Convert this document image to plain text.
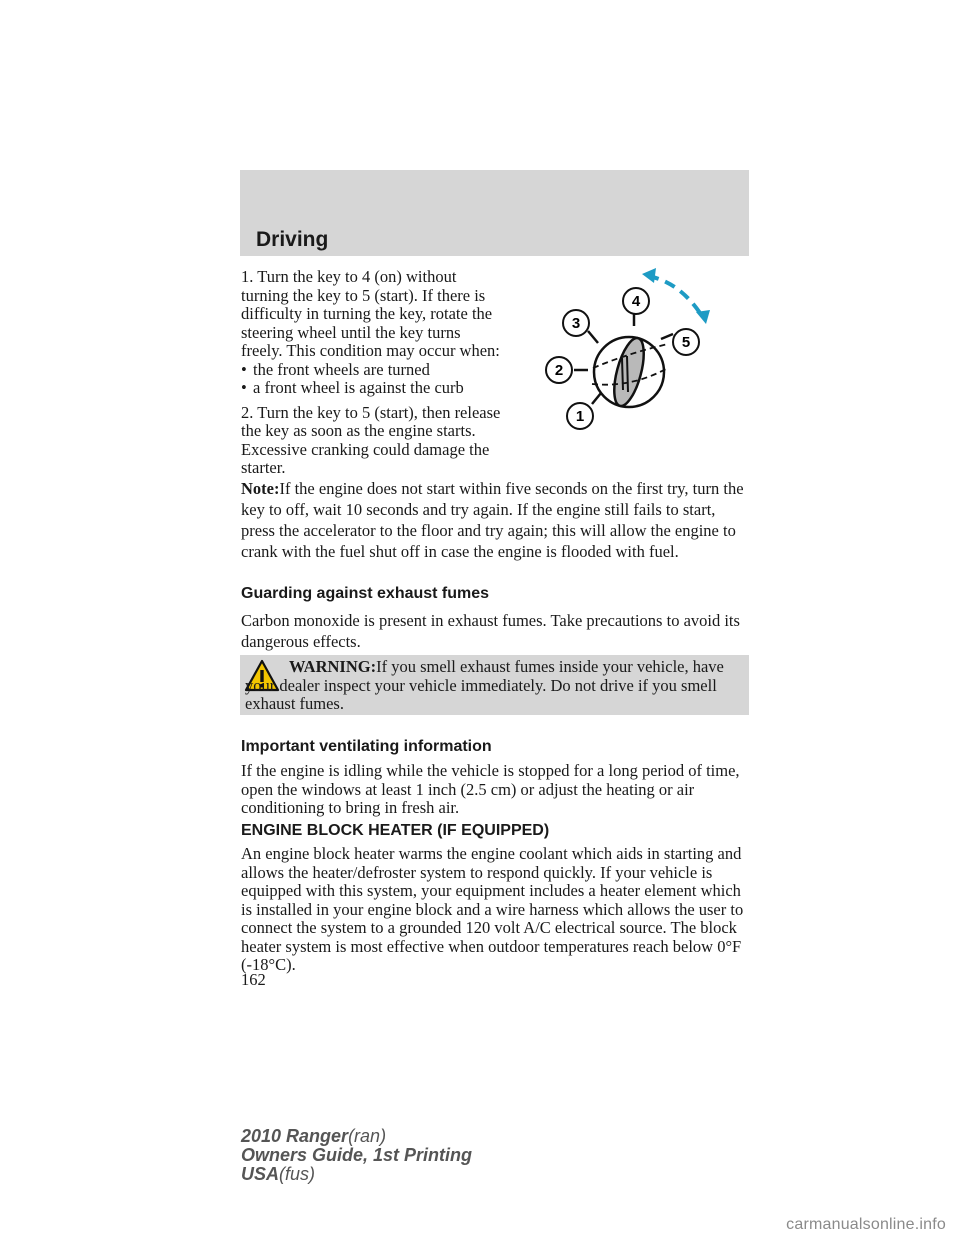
Driving

1. Turn the key to 4 (on) without turning the key to 5 (start). If there is difficulty in turning the key, rotate the steering wheel until the key turns freely. This condition may occur when:

• the front wheels are turned
• a front wheel is against the curb

2. Turn the key to 5 (start), then release the key as soon as the engine starts. Excessive cranking could damage the starter.

1
2
3
4
5
Note:If the engine does not start within five seconds on the first try, turn the key to off, wait 10 seconds and try again. If the engine still fails to start, press the accelerator to the floor and try again; this will allow the engine to crank with the fuel shut off in case the engine is flooded with fuel.
Guarding against exhaust fumes
Carbon monoxide is present in exhaust fumes. Take precautions to avoid its dangerous effects.
WARNING:If you smell exhaust fumes inside your vehicle, have your dealer inspect your vehicle immediately. Do not drive if you smell exhaust fumes.
Important ventilating information
If the engine is idling while the vehicle is stopped for a long period of time, open the windows at least 1 inch (2.5 cm) or adjust the heating or air conditioning to bring in fresh air.
ENGINE BLOCK HEATER (IF EQUIPPED)
An engine block heater warms the engine coolant which aids in starting and allows the heater/defroster system to respond quickly. If your vehicle is equipped with this system, your equipment includes a heater element which is installed in your engine block and a wire harness which allows the user to connect the system to a grounded 120 volt A/C electrical source. The block heater system is most effective when outdoor temperatures reach below 0°F (-18°C).
162
2010 Ranger(ran)
Owners Guide, 1st Printing
USA(fus)
carmanualsonline.info
